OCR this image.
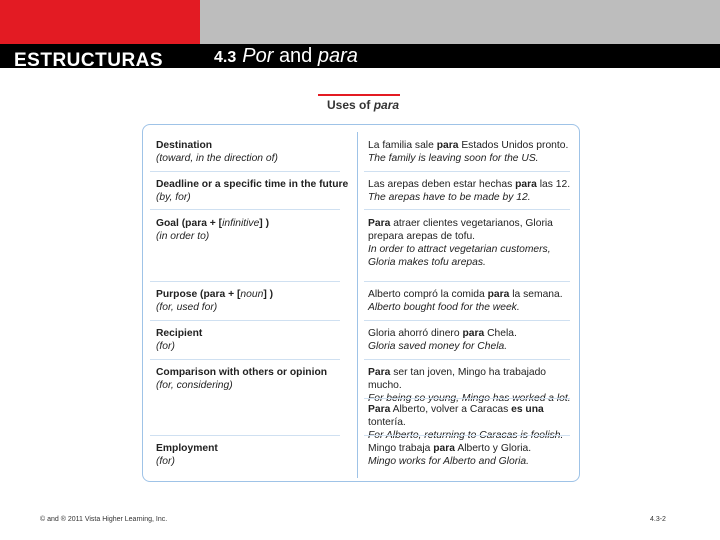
ESTRUCTURAS	4.3 Por and para
Uses of para
Destination
(toward, in the direction of)
La familia sale para Estados Unidos pronto.
The family is leaving soon for the US.
Deadline or a specific time in the future
(by, for)
Las arepas deben estar hechas para las 12.
The arepas have to be made by 12.
Goal (para + [infinitive] )
(in order to)
Para atraer clientes vegetarianos, Gloria prepara arepas de tofu.
In order to attract vegetarian customers, Gloria makes tofu arepas.
Purpose (para + [noun] )
(for, used for)
Alberto compró la comida para la semana.
Alberto bought food for the week.
Recipient
(for)
Gloria ahorró dinero para Chela.
Gloria saved money for Chela.
Comparison with others or opinion
(for, considering)
Para ser tan joven, Mingo ha trabajado mucho.
Para Alberto, volver a Caracas es una tontería.
Employment
(for)
Mingo trabaja para Alberto y Gloria.
Mingo works for Alberto and Gloria.
© and ® 2011 Vista Higher Learning, Inc.	4.3-2
